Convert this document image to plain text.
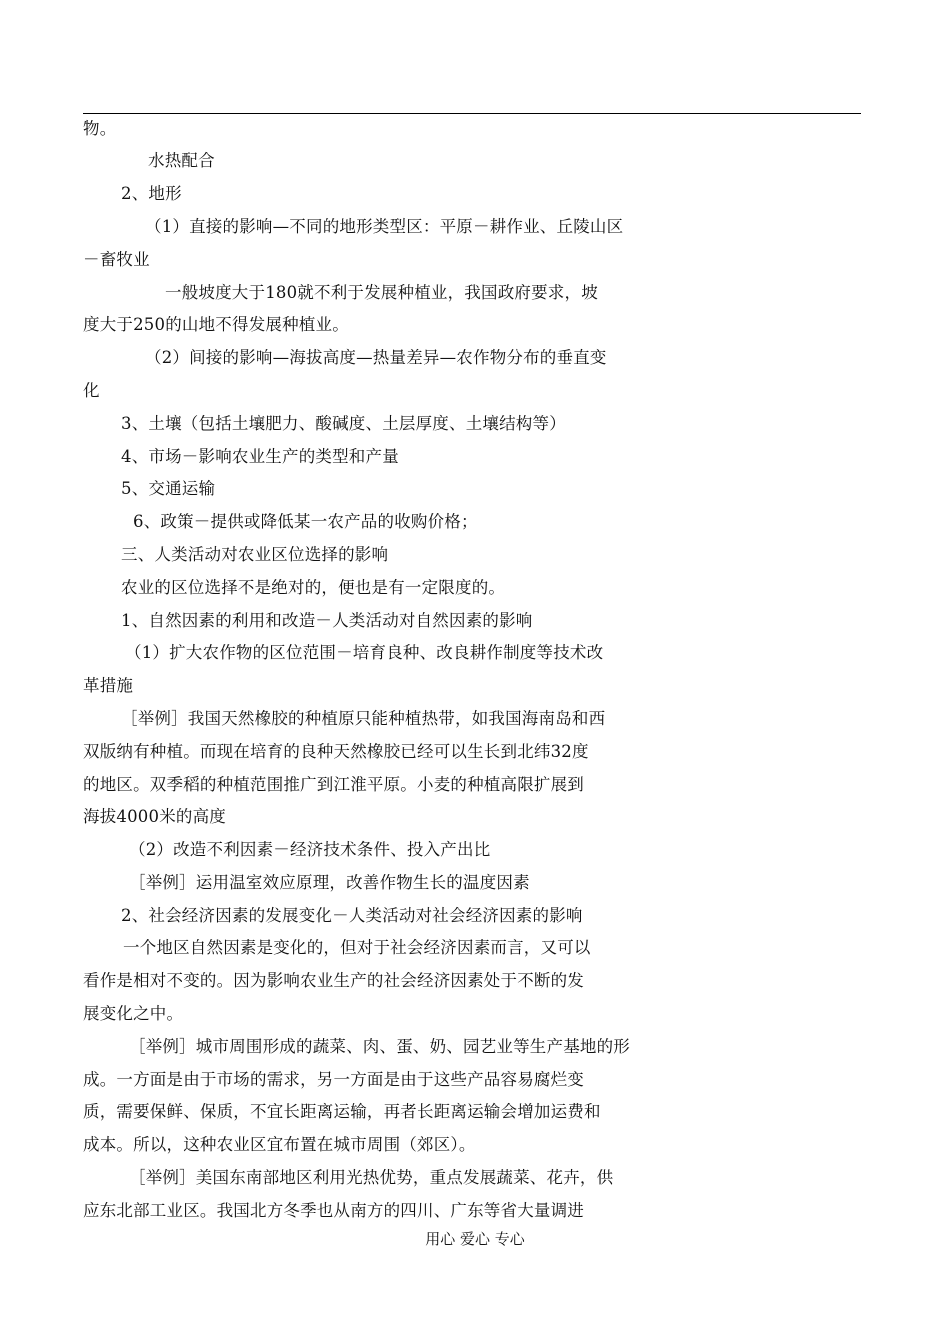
物。
水热配合
2、地形
（1）直接的影响—不同的地形类型区：平原－耕作业、丘陵山区
－畜牧业
一般坡度大于180就不利于发展种植业，我国政府要求，坡
度大于250的山地不得发展种植业。
（2）间接的影响—海拔高度—热量差异—农作物分布的垂直变
化
3、土壤（包括土壤肥力、酸碱度、土层厚度、土壤结构等）
4、市场－影响农业生产的类型和产量
5、交通运输
6、政策－提供或降低某一农产品的收购价格；
三、人类活动对农业区位选择的影响
农业的区位选择不是绝对的，便也是有一定限度的。
1、自然因素的利用和改造－人类活动对自然因素的影响
（1）扩大农作物的区位范围－培育良种、改良耕作制度等技术改
革措施
［举例］我国天然橡胶的种植原只能种植热带，如我国海南岛和西
双版纳有种植。而现在培育的良种天然橡胶已经可以生长到北纬32度
的地区。双季稻的种植范围推广到江淮平原。小麦的种植高限扩展到
海拔4000米的高度
（2）改造不利因素－经济技术条件、投入产出比
［举例］运用温室效应原理，改善作物生长的温度因素
2、社会经济因素的发展变化－人类活动对社会经济因素的影响
一个地区自然因素是变化的，但对于社会经济因素而言，又可以
看作是相对不变的。因为影响农业生产的社会经济因素处于不断的发
展变化之中。
［举例］城市周围形成的蔬菜、肉、蛋、奶、园艺业等生产基地的形
成。一方面是由于市场的需求，另一方面是由于这些产品容易腐烂变
质，需要保鲜、保质，不宜长距离运输，再者长距离运输会增加运费和
成本。所以，这种农业区宜布置在城市周围（郊区）。
［举例］美国东南部地区利用光热优势，重点发展蔬菜、花卉，供
应东北部工业区。我国北方冬季也从南方的四川、广东等省大量调进
用心 爱心 专心
